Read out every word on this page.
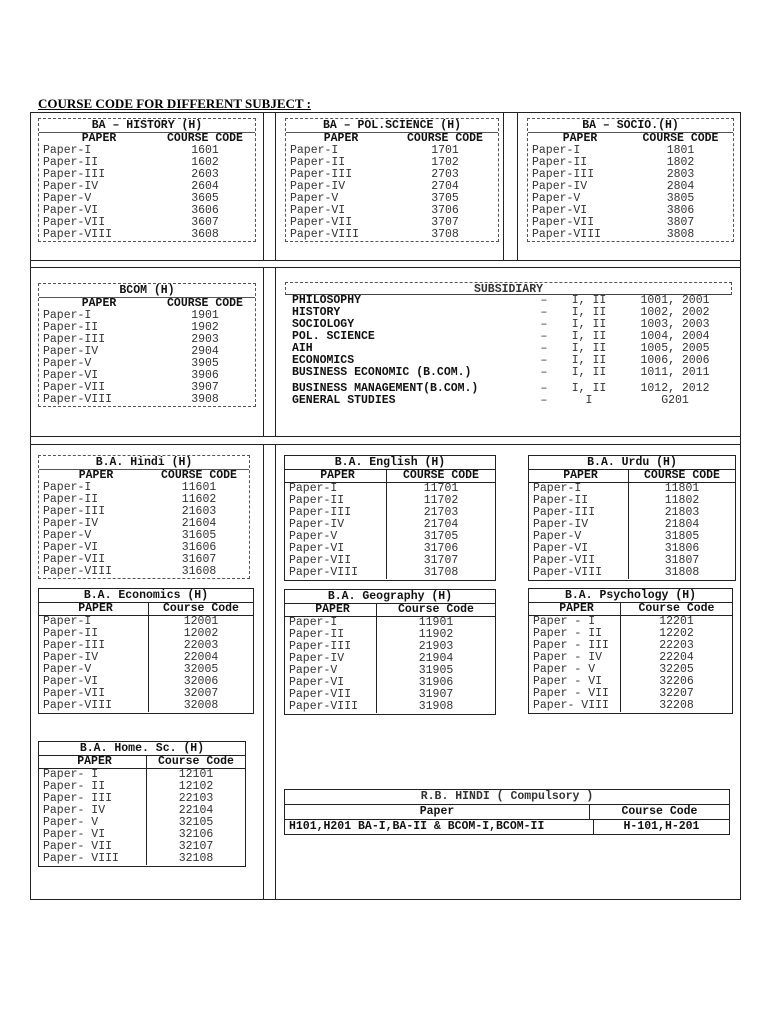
COURSE CODE FOR DIFFERENT SUBJECT :
BA – HISTORY (H)
PAPER	COURSE CODE
Paper-I	1601
Paper-II	1602
Paper-III	2603
Paper-IV	2604
Paper-V	3605
Paper-VI	3606
Paper-VII	3607
Paper-VIII	3608
BA – POL.SCIENCE (H)
PAPER	COURSE CODE
Paper-I	1701
Paper-II	1702
Paper-III	2703
Paper-IV	2704
Paper-V	3705
Paper-VI	3706
Paper-VII	3707
Paper-VIII	3708
BA – SOCIO.(H)
PAPER	COURSE CODE
Paper-I	1801
Paper-II	1802
Paper-III	2803
Paper-IV	2804
Paper-V	3805
Paper-VI	3806
Paper-VII	3807
Paper-VIII	3808
BCOM (H)
PAPER	COURSE CODE
Paper-I	1901
Paper-II	1902
Paper-III	2903
Paper-IV	2904
Paper-V	3905
Paper-VI	3906
Paper-VII	3907
Paper-VIII	3908
B.A. Hindi (H)
PAPER	COURSE CODE
Paper-I	11601
Paper-II	11602
Paper-III	21603
Paper-IV	21604
Paper-V	31605
Paper-VI	31606
Paper-VII	31607
Paper-VIII	31608
B.A. English (H)
PAPER	COURSE CODE
Paper-I	11701
Paper-II	11702
Paper-III	21703
Paper-IV	21704
Paper-V	31705
Paper-VI	31706
Paper-VII	31707
Paper-VIII	31708
B.A. Urdu (H)
PAPER	COURSE CODE
Paper-I	11801
Paper-II	11802
Paper-III	21803
Paper-IV	21804
Paper-V	31805
Paper-VI	31806
Paper-VII	31807
Paper-VIII	31808
B.A. Economics (H)
PAPER	Course Code
Paper-I	12001
Paper-II	12002
Paper-III	22003
Paper-IV	22004
Paper-V	32005
Paper-VI	32006
Paper-VII	32007
Paper-VIII	32008
B.A. Geography (H)
PAPER	Course Code
Paper-I	11901
Paper-II	11902
Paper-III	21903
Paper-IV	21904
Paper-V	31905
Paper-VI	31906
Paper-VII	31907
Paper-VIII	31908
B.A. Psychology (H)
PAPER	Course Code
Paper - I	12201
Paper - II	12202
Paper - III	22203
Paper - IV	22204
Paper - V	32205
Paper - VI	32206
Paper - VII	32207
Paper- VIII	32208
B.A. Home. Sc. (H)
PAPER	Course Code
Paper- I	12101
Paper- II	12102
Paper- III	22103
Paper- IV	22104
Paper- V	32105
Paper- VI	32106
Paper- VII	32107
Paper- VIII	32108
SUBSIDIARY
PHILOSOPHY	–	I, II	1001, 2001
HISTORY	–	I, II	1002, 2002
SOCIOLOGY	–	I, II	1003, 2003
POL. SCIENCE	–	I, II	1004, 2004
AIH	–	I, II	1005, 2005
ECONOMICS	–	I, II	1006, 2006
BUSINESS ECONOMIC (B.COM.)	–	I, II	1011, 2011
BUSINESS MANAGEMENT(B.COM.)	–	I, II	1012, 2012
GENERAL STUDIES	–	I	G201
R.B. HINDI ( Compulsory )
Paper	Course Code
H101,H201 BA-I,BA-II & BCOM-I,BCOM-II	H-101,H-201
